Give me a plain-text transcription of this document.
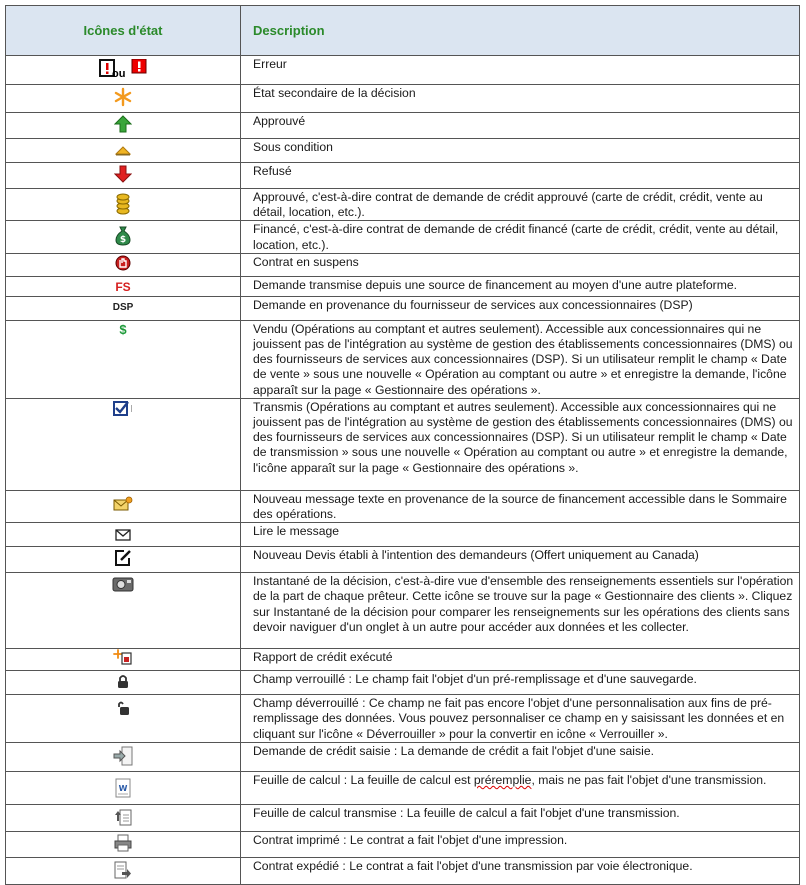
Icônes d'état	Description

ou	Erreur

	État secondaire de la décision

	Approuvé

	Sous condition

	Refusé

	Approuvé, c'est-à-dire contrat de demande de crédit approuvé (carte de crédit, crédit, vente au détail, location, etc.).

$	Financé, c'est-à-dire contrat de demande de crédit financé (carte de crédit, crédit, vente au détail, location, etc.).

	Contrat en suspens
FS	Demande transmise depuis une source de financement au moyen d'une autre plateforme.
DSP	Demande en provenance du fournisseur de services aux concessionnaires (DSP)
$	Vendu (Opérations au comptant et autres seulement). Accessible aux concessionnaires qui ne jouissent pas de l'intégration au système de gestion des établissements concessionnaires (DMS) ou des fournisseurs de services aux concessionnaires (DSP). Si un utilisateur remplit le champ « Date de vente » sous une nouvelle « Opération au comptant ou autre » et enregistre la demande, l'icône apparaît sur la page « Gestionnaire des opérations ».

	Transmis (Opérations au comptant et autres seulement). Accessible aux concessionnaires qui ne jouissent pas de l'intégration au système de gestion des établissements concessionnaires (DMS) ou des fournisseurs de services aux concessionnaires (DSP). Si un utilisateur remplit le champ « Date de transmission » sous une nouvelle « Opération au comptant ou autre » et enregistre la demande, l'icône apparaît sur la page « Gestionnaire des opérations ».

	Nouveau message texte en provenance de la source de financement accessible dans le Sommaire des opérations.

	Lire le message

	Nouveau Devis établi à l'intention des demandeurs (Offert uniquement au Canada)

	Instantané de la décision, c'est-à-dire vue d'ensemble des renseignements essentiels sur l'opération de la part de chaque prêteur. Cette icône se trouve sur la page « Gestionnaire des clients ». Cliquez sur Instantané de la décision pour comparer les renseignements sur les opérations des clients sans devoir naviguer d'un onglet à un autre pour accéder aux données et les collecter.

	Rapport de crédit exécuté

	Champ verrouillé : Le champ fait l'objet d'un pré-remplissage et d'une sauvegarde.

	Champ déverrouillé : Ce champ ne fait pas encore l'objet d'une personnalisation aux fins de pré-remplissage des données. Vous pouvez personnaliser ce champ en y saisissant les données et en cliquant sur l'icône « Déverrouiller » pour la convertir en icône « Verrouiller ».

	Demande de crédit saisie : La demande de crédit a fait l'objet d'une saisie.

W	Feuille de calcul : La feuille de calcul est préremplie, mais ne pas fait l'objet d'une transmission.

	Feuille de calcul transmise : La feuille de calcul a fait l'objet d'une transmission.

	Contrat imprimé : Le contrat a fait l'objet d'une impression.

	Contrat expédié : Le contrat a fait l'objet d'une transmission par voie électronique.
